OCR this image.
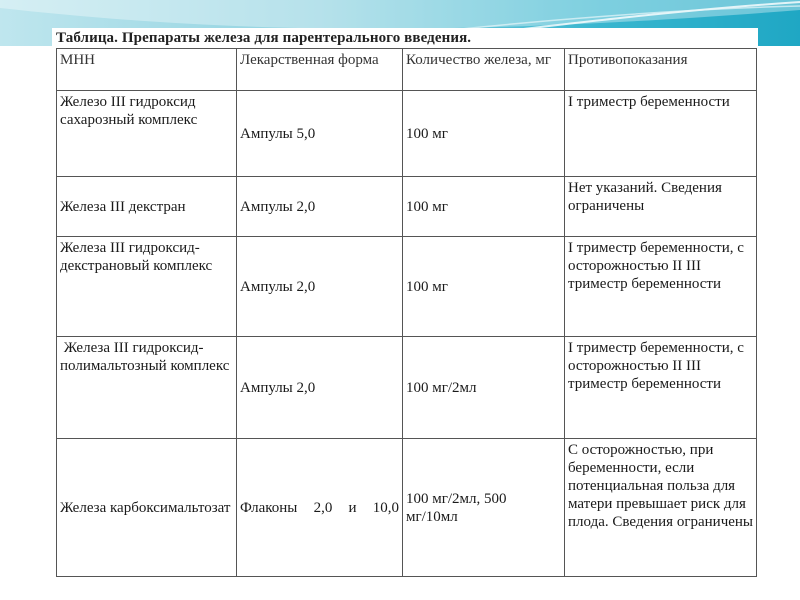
Таблица. Препараты железа для парентерального введения.
МНН	Лекарственная форма	Количество железа, мг	Противопоказания
Железо III гидроксид сахарозный комплекс	Ампулы 5,0	100 мг	I триместр беременности
Железа III декстран	Ампулы 2,0	100 мг	Нет указаний. Сведения ограничены
Железа III гидроксид-декстрановый комплекс	Ампулы 2,0	100 мг	I триместр беременности, с осторожностью II III триместр беременности
Железа III гидроксид-полимальтозный комплекс	Ампулы 2,0	100 мг/2мл	I триместр беременности, с осторожностью II III триместр беременности
Железа карбоксимальтозат	Флаконы 2,0 и 10,0	100 мг/2мл, 500 мг/10мл	С осторожностью, при беременности, если потенциальная польза для матери превышает риск для плода. Сведения ограничены
